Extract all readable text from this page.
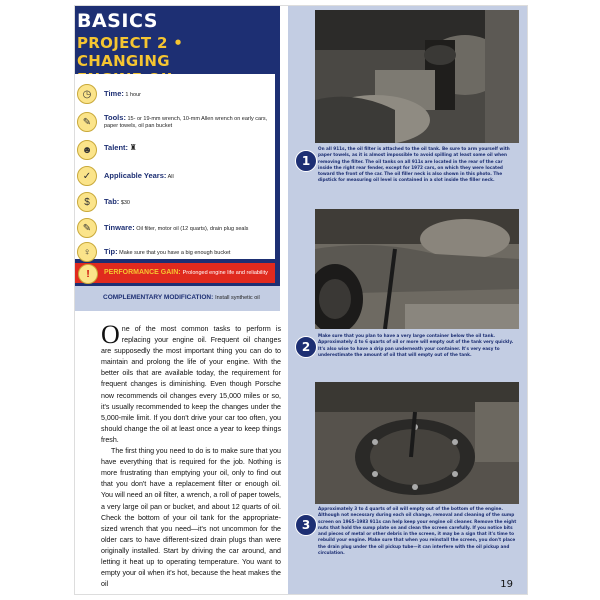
BASICS
PROJECT 2 • CHANGING
◷	Time: 1 hour
✎	Tools: 15- or 19-mm wrench, 10-mm Allen wrench on early cars, paper towels, oil pan bucket
☻	Talent: ♜
✓	Applicable Years: All
$	Tab: $30
✎	Tinware: Oil filter, motor oil (12 quarts), drain plug seals
♀	Tip: Make sure that you have a big enough bucket
!	PERFORMANCE GAIN: Prolonged engine life and reliability
COMPLEMENTARY MODIFICATION: Install synthetic oil

One of the most common tasks to perform is replacing your engine oil. Frequent oil changes are supposedly the most important thing you can do to maintain and prolong the life of your engine. With the better oils that are available today, the requirement for frequent changes is diminishing. Even though Porsche now recommends oil changes every 15,000 miles or so, it's usually recommended to keep the changes under the 5,000-mile limit. If you don't drive your car too often, you should change the oil at least once a year to keep things fresh.

The first thing you need to do is to make sure that you have everything that is required for the job. Nothing is more frustrating than emptying your oil, only to find out that you don't have a replacement filter or enough oil. You will need an oil filter, a wrench, a roll of paper towels, a very large oil pan or bucket, and about 12 quarts of oil. Check the bottom of your oil tank for the appropriate-sized wrench that you need—it's not uncommon for the older cars to have different-sized drain plugs than were originally installed. Start by driving the car around, and letting it heat up to operating temperature. You want to empty your oil when it's hot, because the heat makes the oil

1
On all 911s, the oil filter is attached to the oil tank. Be sure to arm yourself with paper towels, as it is almost impossible to avoid spilling at least some oil when removing the filter. The oil tanks on all 911s are located in the rear of the car inside the right rear fender, except for 1972 cars, on which they were located toward the front of the car. The oil filler neck is also shown in this photo. The dipstick for measuring oil level is contained in a slot inside the filler neck.
2
Make sure that you plan to have a very large container below the oil tank. Approximately 4 to 6 quarts of oil or more will empty out of the tank very quickly. It's also wise to have a drip pan underneath your container. It's very easy to underestimate the amount of oil that will empty out of the tank.
3
Approximately 3 to 4 quarts of oil will empty out of the bottom of the engine. Although not necessary during each oil change, removal and cleaning of the sump screen on 1965–1983 911s can help keep your engine oil cleaner. Remove the eight nuts that hold the sump plate on and clean the screen carefully. If you notice bits and pieces of metal or other debris in the screen, it may be a sign that it's time to rebuild your engine. Make sure that when you reinstall the screen, you don't place the drain plug under the oil pickup tube—it can interfere with the oil pickup and circulation.
19
